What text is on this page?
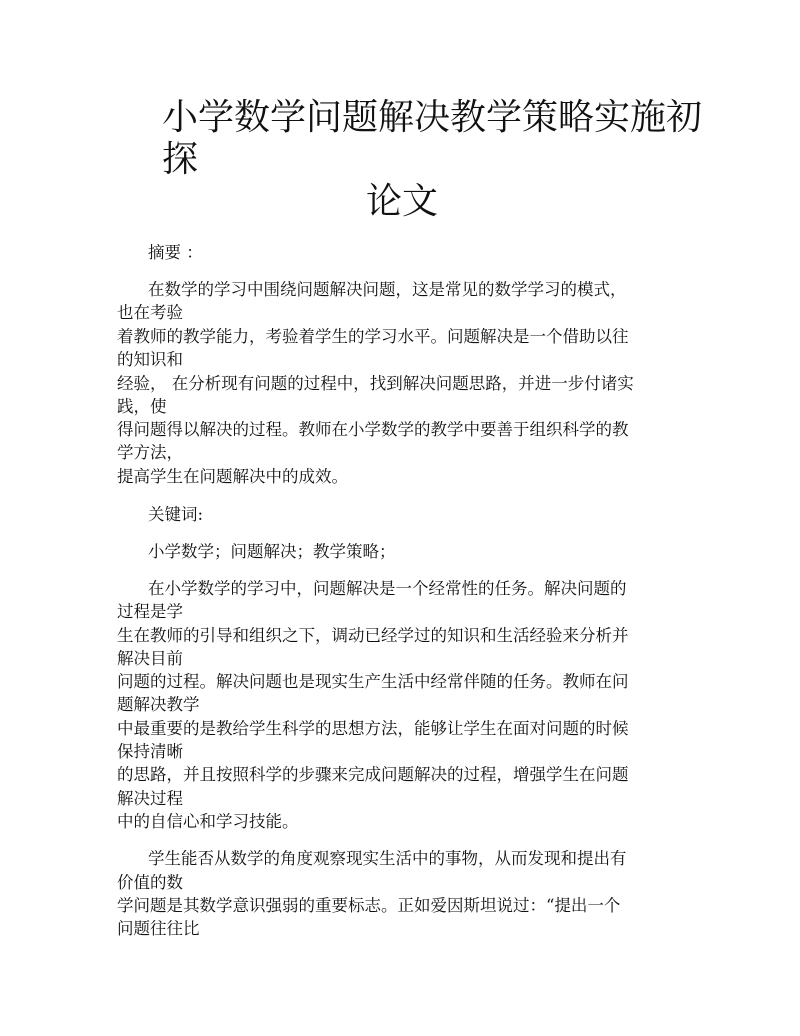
小学数学问题解决教学策略实施初
探
论文
摘要 ：
在数学的学习中围绕问题解决问题，这是常见的数学学习的模式，
也在考验
着教师的教学能力，考验着学生的学习水平。问题解决是一个借助以往
的知识和
经验， 在分析现有问题的过程中，找到解决问题思路，并进一步付诸实
践，使
得问题得以解决的过程。教师在小学数学的教学中要善于组织科学的教
学方法，
提高学生在问题解决中的成效。
关键词:
小学数学；问题解决；教学策略；
在小学数学的学习中，问题解决是一个经常性的任务。解决问题的
过程是学
生在教师的引导和组织之下，调动已经学过的知识和生活经验来分析并
解决目前
问题的过程。解决问题也是现实生产生活中经常伴随的任务。教师在问
题解决教学
中最重要的是教给学生科学的思想方法，能够让学生在面对问题的时候
保持清晰
的思路，并且按照科学的步骤来完成问题解决的过程，增强学生在问题
解决过程
中的自信心和学习技能。
学生能否从数学的角度观察现实生活中的事物，从而发现和提出有
价值的数
学问题是其数学意识强弱的重要标志。正如爱因斯坦说过：“提出一个
问题往往比
